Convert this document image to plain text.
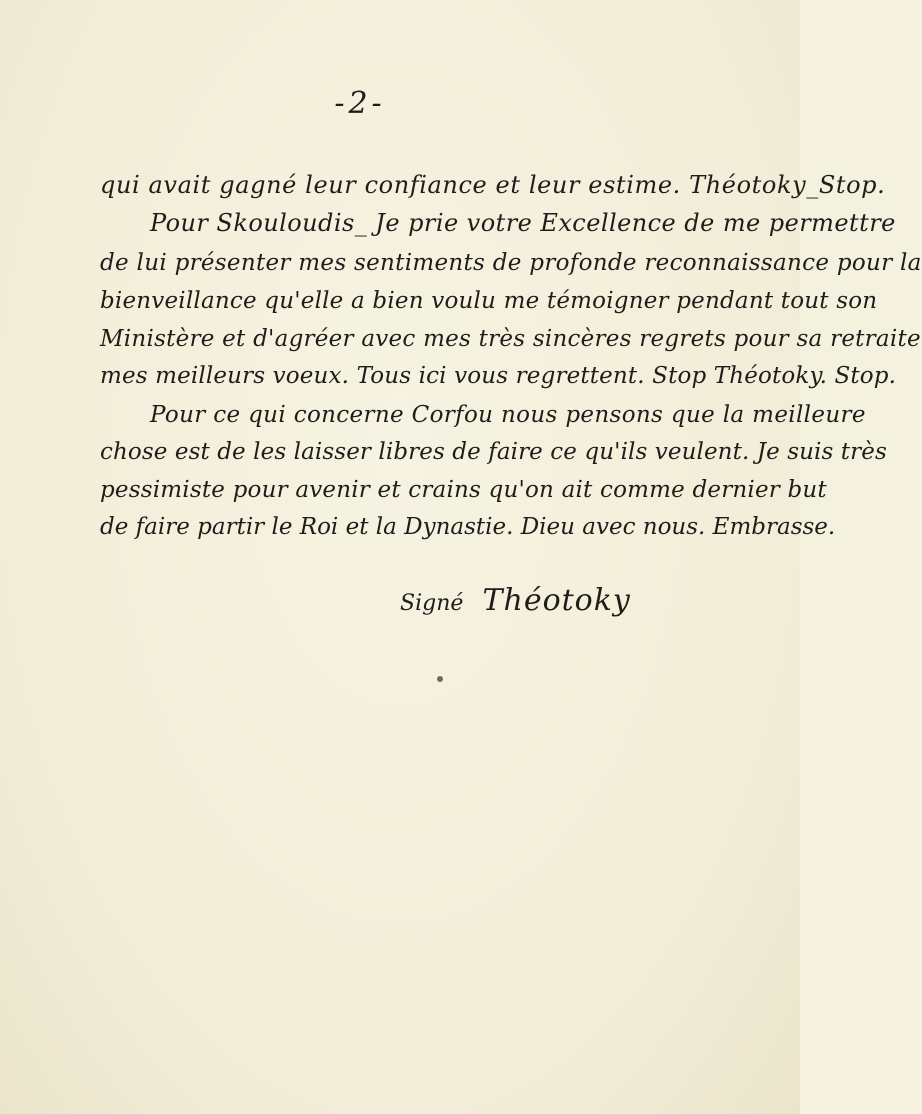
-2-
qui avait gagné leur confiance et leur estime. Théotoky_Stop.
Pour Skouloudis_ Je prie votre Excellence de me permettre
de lui présenter mes sentiments de profonde reconnaissance pour la
bienveillance qu'elle a bien voulu me témoigner pendant tout son
Ministère et d'agréer avec mes très sincères regrets pour sa retraite
mes meilleurs voeux. Tous ici vous regrettent. Stop Théotoky. Stop.
Pour ce qui concerne Corfou nous pensons que la meilleure
chose est de les laisser libres de faire ce qu'ils veulent. Je suis très
pessimiste pour avenir et crains qu'on ait comme dernier but
de faire partir le Roi et la Dynastie. Dieu avec nous. Embrasse.
Signé Théotoky
